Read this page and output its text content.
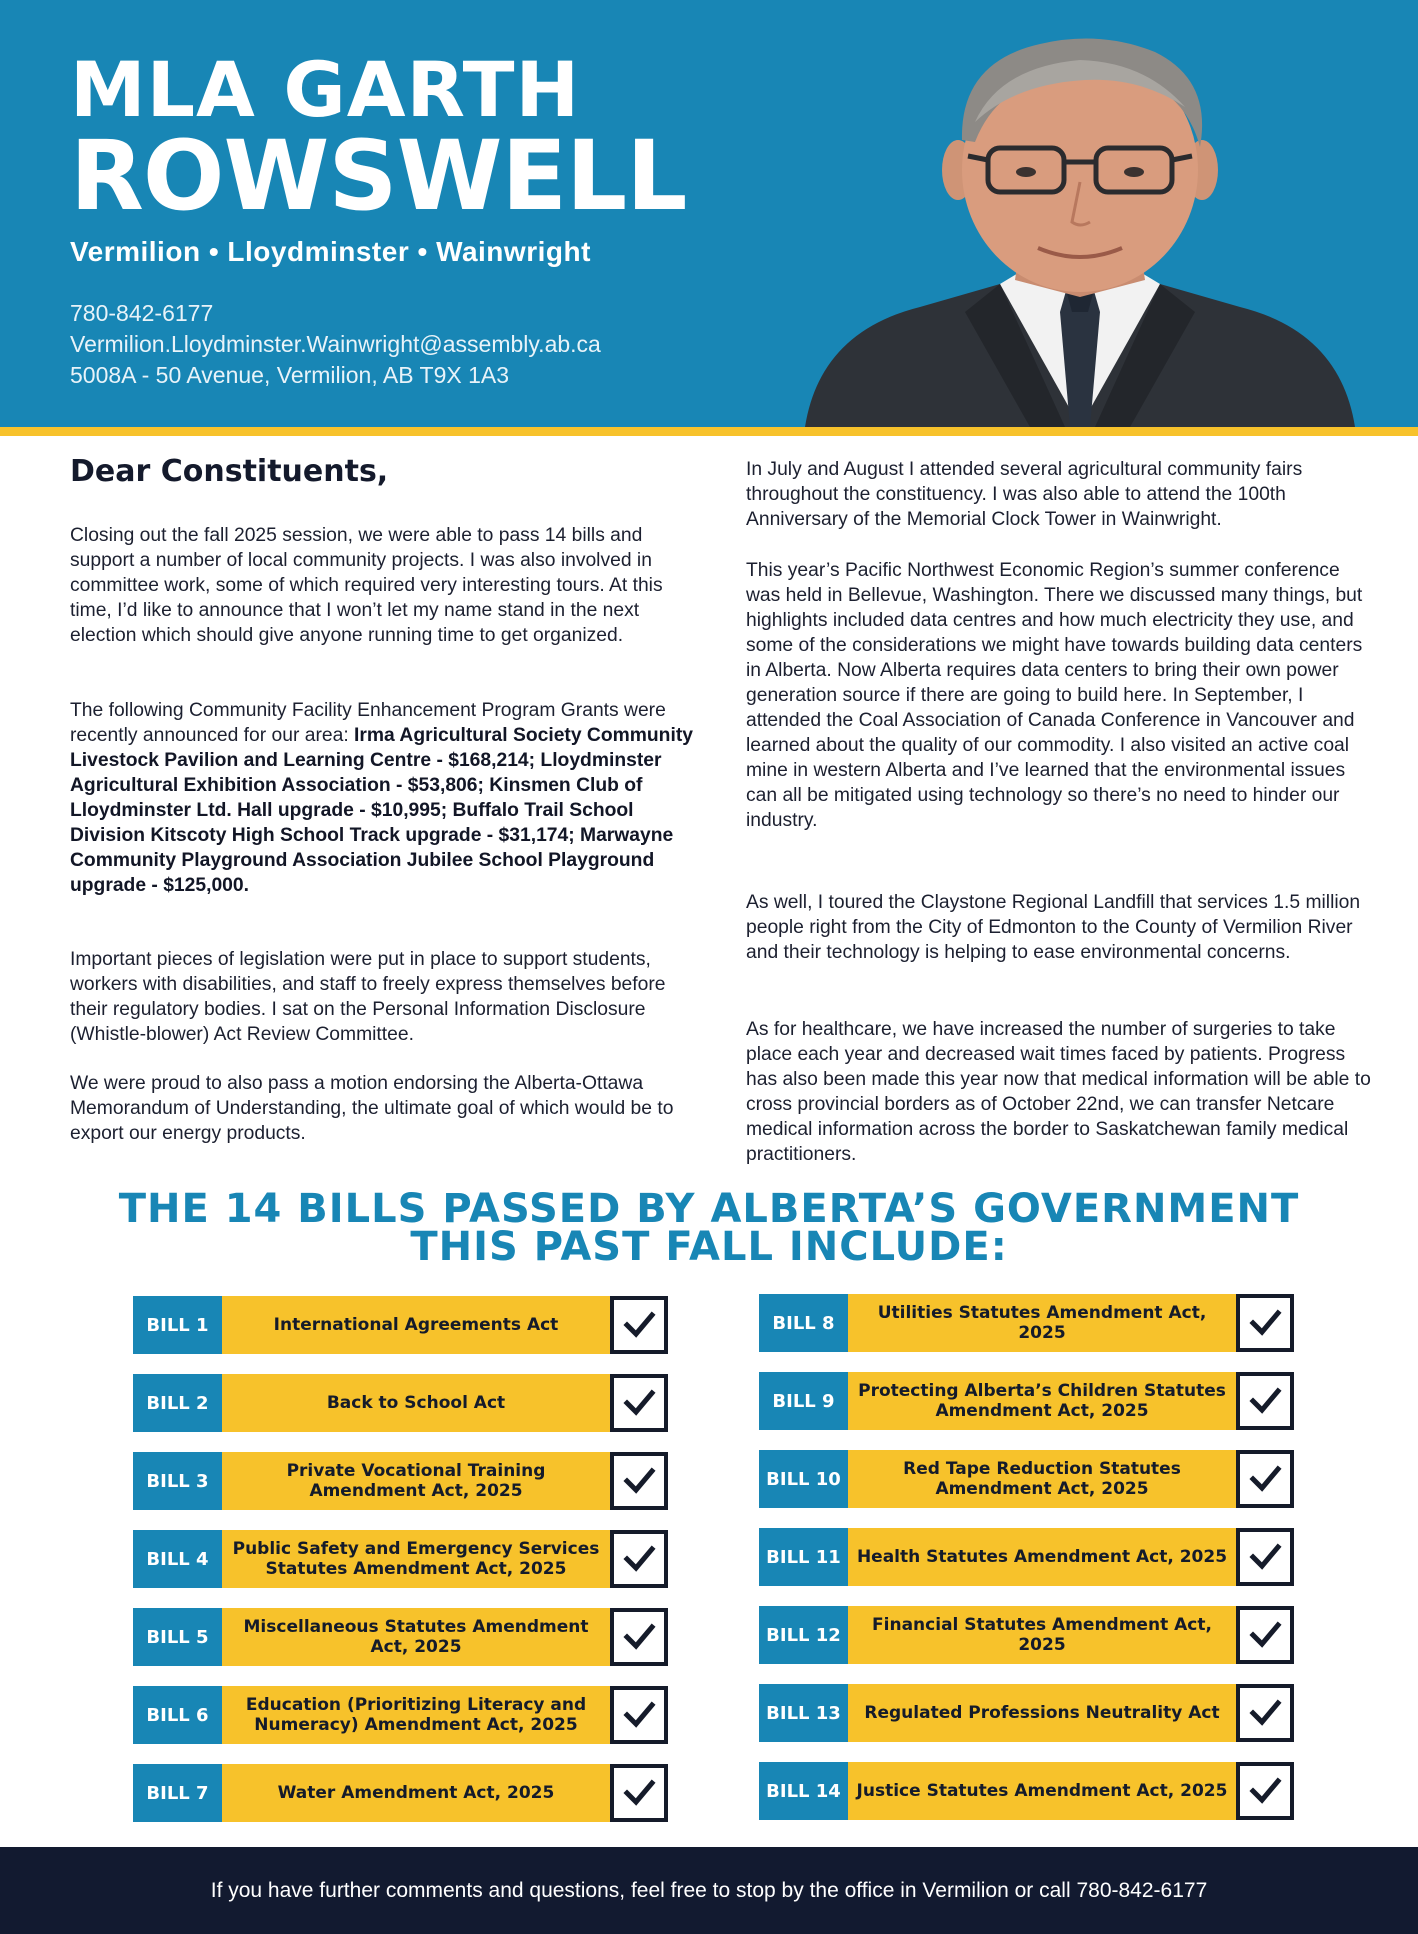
MLA GARTH
ROWSWELL
Vermilion • Lloydminster • Wainwright
780-842-6177
Vermilion.Lloydminster.Wainwright@assembly.ab.ca
5008A - 50 Avenue, Vermilion, AB T9X 1A3
Dear Constituents,
Closing out the fall 2025 session, we were able to pass 14 bills and support a number of local community projects. I was also involved in committee work, some of which required very interesting tours. At this time, I’d like to announce that I won’t let my name stand in the next election which should give anyone running time to get organized.
The following Community Facility Enhancement Program Grants were recently announced for our area: Irma Agricultural Society Community Livestock Pavilion and Learning Centre - $168,214; Lloydminster Agricultural Exhibition Association - $53,806; Kinsmen Club of Lloydminster Ltd. Hall upgrade - $10,995; Buffalo Trail School Division Kitscoty High School Track upgrade - $31,174; Marwayne Community Playground Association Jubilee School Playground upgrade - $125,000.
Important pieces of legislation were put in place to support students, workers with disabilities, and staff to freely express themselves before their regulatory bodies. I sat on the Personal Information Disclosure (Whistle-blower) Act Review Committee.
We were proud to also pass a motion endorsing the Alberta-Ottawa Memorandum of Understanding, the ultimate goal of which would be to export our energy products.
In July and August I attended several agricultural community fairs throughout the constituency. I was also able to attend the 100th Anniversary of the Memorial Clock Tower in Wainwright.
This year’s Pacific Northwest Economic Region’s summer conference was held in Bellevue, Washington. There we discussed many things, but highlights included data centres and how much electricity they use, and some of the considerations we might have towards building data centers in Alberta. Now Alberta requires data centers to bring their own power generation source if there are going to build here. In September, I attended the Coal Association of Canada Conference in Vancouver and learned about the quality of our commodity. I also visited an active coal mine in western Alberta and I’ve learned that the environmental issues can all be mitigated using technology so there’s no need to hinder our industry.
As well, I toured the Claystone Regional Landfill that services 1.5 million people right from the City of Edmonton to the County of Vermilion River and their technology is helping to ease environmental concerns.
As for healthcare, we have increased the number of surgeries to take place each year and decreased wait times faced by patients. Progress has also been made this year now that medical information will be able to cross provincial borders as of October 22nd, we can transfer Netcare medical information across the border to Saskatchewan family medical practitioners.
THE 14 BILLS PASSED BY ALBERTA’S GOVERNMENT
THIS PAST FALL INCLUDE:
BILL 1	International Agreements Act
BILL 2	Back to School Act
BILL 3	Private Vocational Training Amendment Act, 2025
BILL 4	Public Safety and Emergency Services Statutes Amendment Act, 2025
BILL 5	Miscellaneous Statutes Amendment Act, 2025
BILL 6	Education (Prioritizing Literacy and Numeracy) Amendment Act, 2025
BILL 7	Water Amendment Act, 2025
BILL 8	Utilities Statutes Amendment Act, 2025
BILL 9	Protecting Alberta’s Children Statutes Amendment Act, 2025
BILL 10	Red Tape Reduction Statutes Amendment Act, 2025
BILL 11 Health Statutes Amendment Act, 2025
BILL 12	Financial Statutes Amendment Act, 2025
BILL 13	Regulated Professions Neutrality Act
BILL 14 Justice Statutes Amendment Act, 2025
If you have further comments and questions, feel free to stop by the office in Vermilion or call 780-842-6177
